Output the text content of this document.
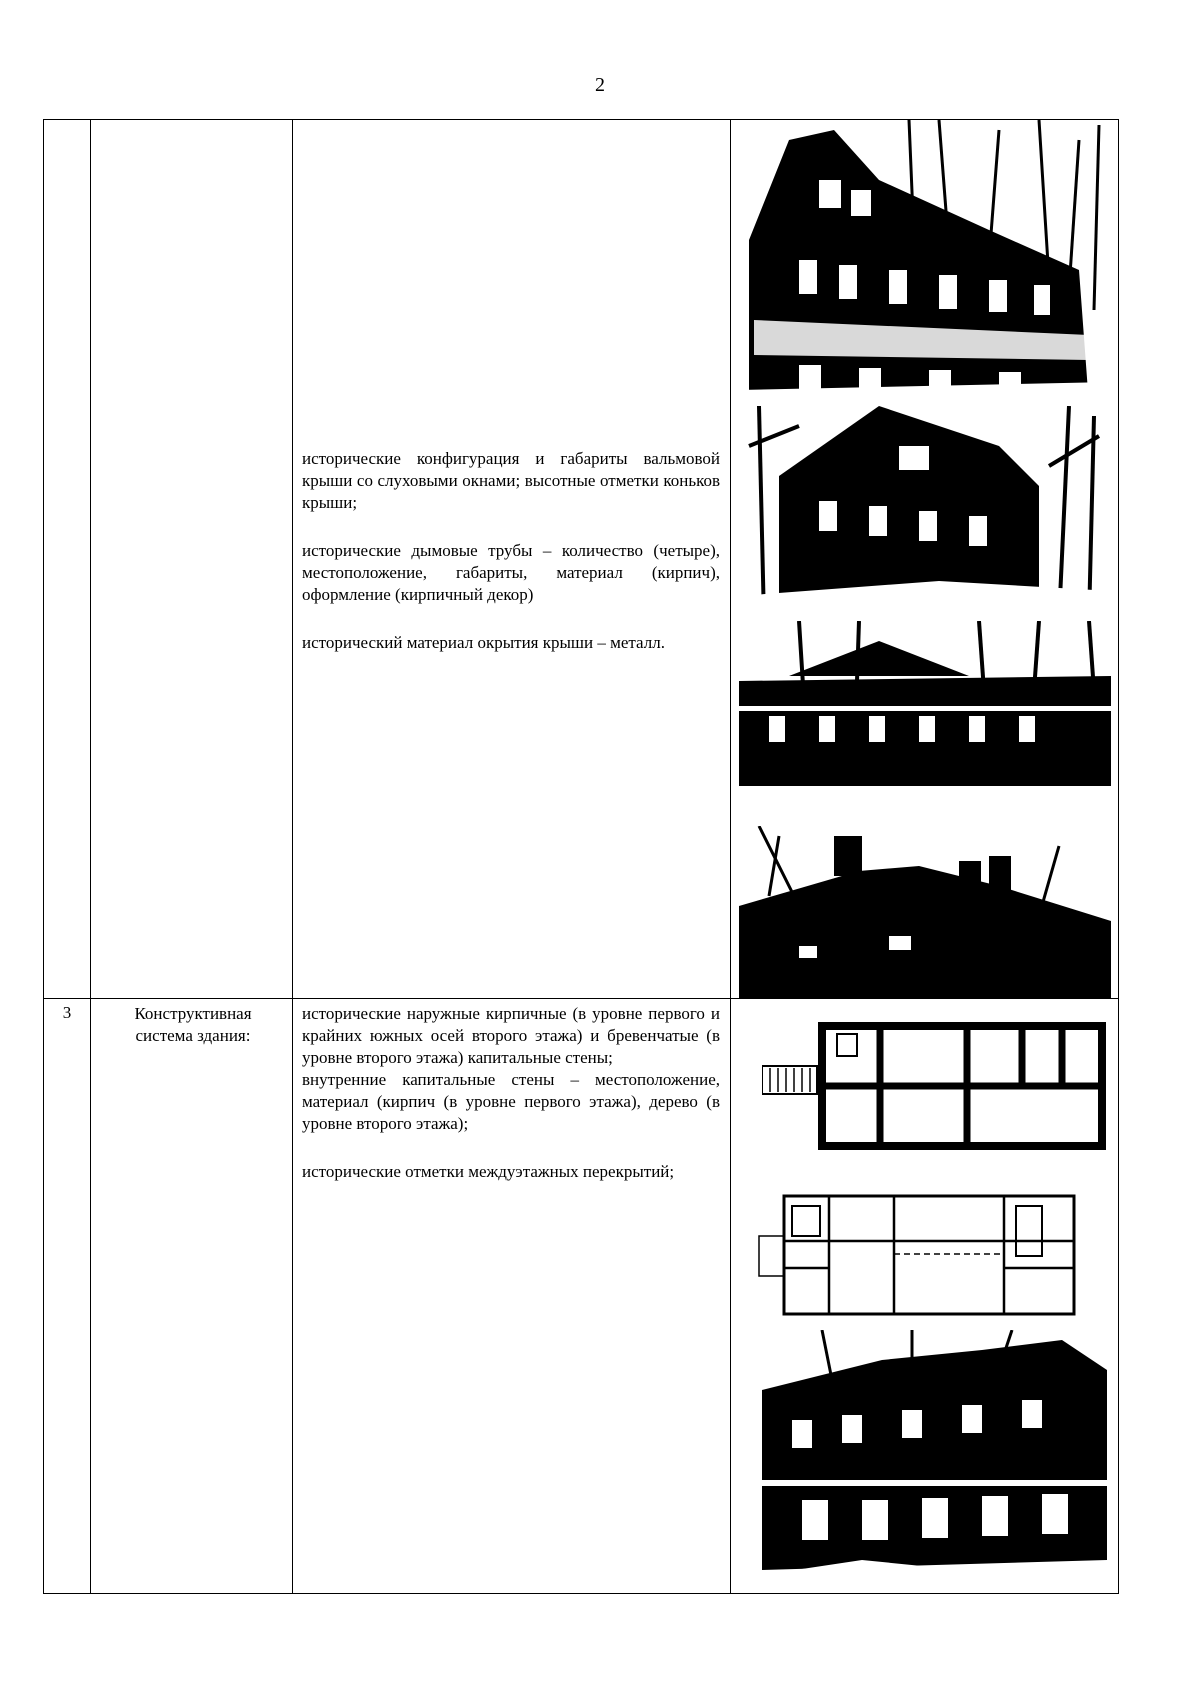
2

исторические конфигурация и габариты вальмовой крыши со слуховыми окнами; высотные отметки коньков крыши;

исторические дымовые трубы – количество (четыре), местоположение, габариты, материал (кирпич), оформление (кирпичный декор)

исторический материал окрытия крыши – металл.

3	Конструктивная система здания:

исторические наружные кирпичные (в уровне первого и крайних южных осей второго этажа) и бревенчатые (в уровне второго этажа) капитальные стены;

внутренние капитальные стены – местоположение, материал (кирпич (в уровне первого этажа), дерево (в уровне второго этажа);

исторические отметки междуэтажных перекрытий;
